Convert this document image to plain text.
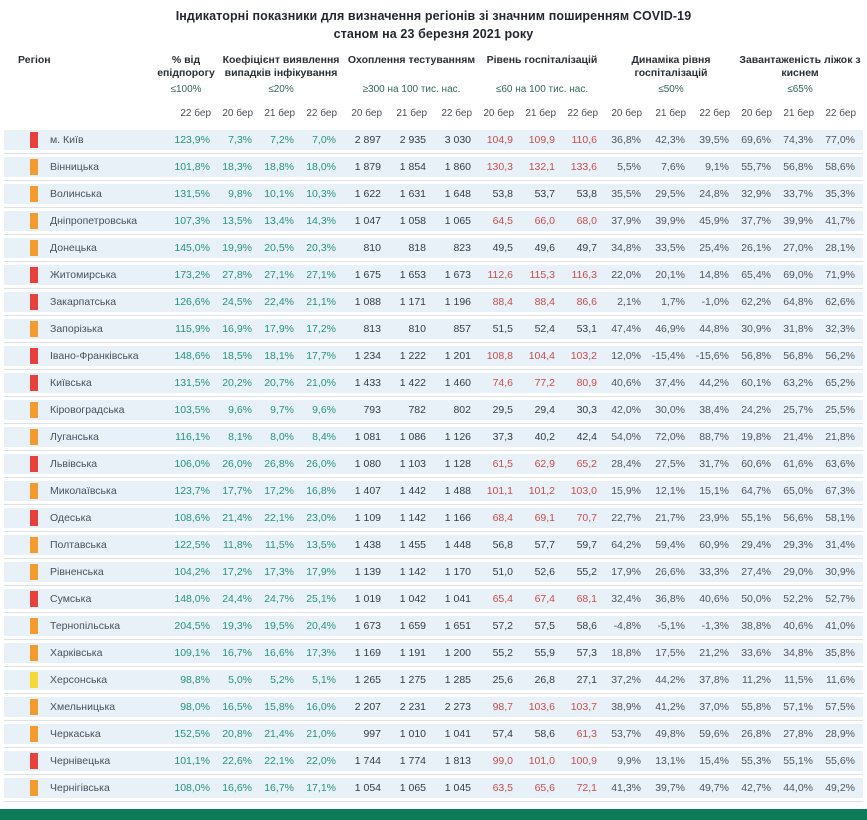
Індикаторні показники для визначення регіонів зі значним поширенням COVID-19
станом на 23 березня 2021 року
Регіон	% від епідпорогу
Коефіцієнт виявлення випадків інфікування
Охоплення тестуванням	Рівень госпіталізацій	Динаміка рівня госпіталізацій
Завантаженість ліжок з киснем
≤100%	≤20%	≥300 на 100 тис. нас.	≤60 на 100 тис. нас.	≤50%	≤65%
22 бер	20 бер	21 бер	22 бер	20 бер	21 бер	22 бер	20 бер	21 бер	22 бер	20 бер	21 бер	22 бер	20 бер	21 бер	22 бер
м. Київ	123,9%	7,3%	7,2%	7,0%	2 897	2 935	3 030	104,9	109,9	110,6	36,8%	42,3%	39,5%	69,6%	74,3%	77,0%
Вінницька	101,8%	18,3%	18,8%	18,0%	1 879	1 854	1 860	130,3	132,1	133,6	5,5%	7,6%	9,1%	55,7%	56,8%	58,6%
Волинська	131,5%	9,8%	10,1%	10,3%	1 622	1 631	1 648	53,8	53,7	53,8	35,5%	29,5%	24,8%	32,9%	33,7%	35,3%
Дніпропетровська	107,3%	13,5%	13,4%	14,3%	1 047	1 058	1 065	64,5	66,0	68,0	37,9%	39,9%	45,9%	37,7%	39,9%	41,7%
Донецька	145,0%	19,9%	20,5%	20,3%	810	818	823	49,5	49,6	49,7	34,8%	33,5%	25,4%	26,1%	27,0%	28,1%
Житомирська	173,2%	27,8%	27,1%	27,1%	1 675	1 653	1 673	112,6	115,3	116,3	22,0%	20,1%	14,8%	65,4%	69,0%	71,9%
Закарпатська	126,6%	24,5%	22,4%	21,1%	1 088	1 171	1 196	88,4	88,4	86,6	2,1%	1,7%	-1,0%	62,2%	64,8%	62,6%
Запорізька	115,9%	16,9%	17,9%	17,2%	813	810	857	51,5	52,4	53,1	47,4%	46,9%	44,8%	30,9%	31,8%	32,3%
Івано-Франківська	148,6%	18,5%	18,1%	17,7%	1 234	1 222	1 201	108,8	104,4	103,2	12,0%	-15,4%	-15,6%	56,8%	56,8%	56,2%
Київська	131,5%	20,2%	20,7%	21,0%	1 433	1 422	1 460	74,6	77,2	80,9	40,6%	37,4%	44,2%	60,1%	63,2%	65,2%
Кіровоградська	103,5%	9,6%	9,7%	9,6%	793	782	802	29,5	29,4	30,3	42,0%	30,0%	38,4%	24,2%	25,7%	25,5%
Луганська	116,1%	8,1%	8,0%	8,4%	1 081	1 086	1 126	37,3	40,2	42,4	54,0%	72,0%	88,7%	19,8%	21,4%	21,8%
Львівська	106,0%	26,0%	26,8%	26,0%	1 080	1 103	1 128	61,5	62,9	65,2	28,4%	27,5%	31,7%	60,6%	61,6%	63,6%
Миколаївська	123,7%	17,7%	17,2%	16,8%	1 407	1 442	1 488	101,1	101,2	103,0	15,9%	12,1%	15,1%	64,7%	65,0%	67,3%
Одеська	108,6%	21,4%	22,1%	23,0%	1 109	1 142	1 166	68,4	69,1	70,7	22,7%	21,7%	23,9%	55,1%	56,6%	58,1%
Полтавська	122,5%	11,8%	11,5%	13,5%	1 438	1 455	1 448	56,8	57,7	59,7	64,2%	59,4%	60,9%	29,4%	29,3%	31,4%
Рівненська	104,2%	17,2%	17,3%	17,9%	1 139	1 142	1 170	51,0	52,6	55,2	17,9%	26,6%	33,3%	27,4%	29,0%	30,9%
Сумська	148,0%	24,4%	24,7%	25,1%	1 019	1 042	1 041	65,4	67,4	68,1	32,4%	36,8%	40,6%	50,0%	52,2%	52,7%
Тернопільська	204,5%	19,3%	19,5%	20,4%	1 673	1 659	1 651	57,2	57,5	58,6	-4,8%	-5,1%	-1,3%	38,8%	40,6%	41,0%
Харківська	109,1%	16,7%	16,6%	17,3%	1 169	1 191	1 200	55,2	55,9	57,3	18,8%	17,5%	21,2%	33,6%	34,8%	35,8%
Херсонська	98,8%	5,0%	5,2%	5,1%	1 265	1 275	1 285	25,6	26,8	27,1	37,2%	44,2%	37,8%	11,2%	11,5%	11,6%
Хмельницька	98,0%	16,5%	15,8%	16,0%	2 207	2 231	2 273	98,7	103,6	103,7	38,9%	41,2%	37,0%	55,8%	57,1%	57,5%
Черкаська	152,5%	20,8%	21,4%	21,0%	997	1 010	1 041	57,4	58,6	61,3	53,7%	49,8%	59,6%	26,8%	27,8%	28,9%
Чернівецька	101,1%	22,6%	22,1%	22,0%	1 744	1 774	1 813	99,0	101,0	100,9	9,9%	13,1%	15,4%	55,3%	55,1%	55,6%
Чернігівська	108,0%	16,6%	16,7%	17,1%	1 054	1 065	1 045	63,5	65,6	72,1	41,3%	39,7%	49,7%	42,7%	44,0%	49,2%
